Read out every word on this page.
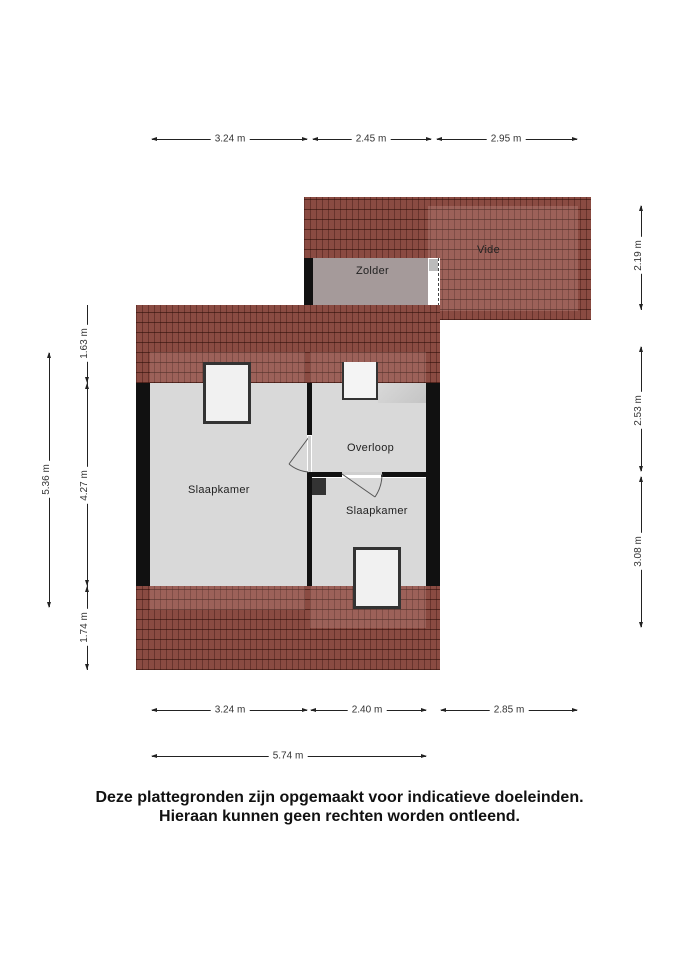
3.24 m	2.45 m	2.95 m
Zolder
Vide
Slaapkamer
Overloop
Slaapkamer
5.36 m
1.63 m
4.27 m
1.74 m
2.19 m
2.53 m
3.08 m
3.24 m	2.40 m	2.85 m
5.74 m
Deze plattegronden zijn opgemaakt voor indicatieve doeleinden.
Hieraan kunnen geen rechten worden ontleend.
